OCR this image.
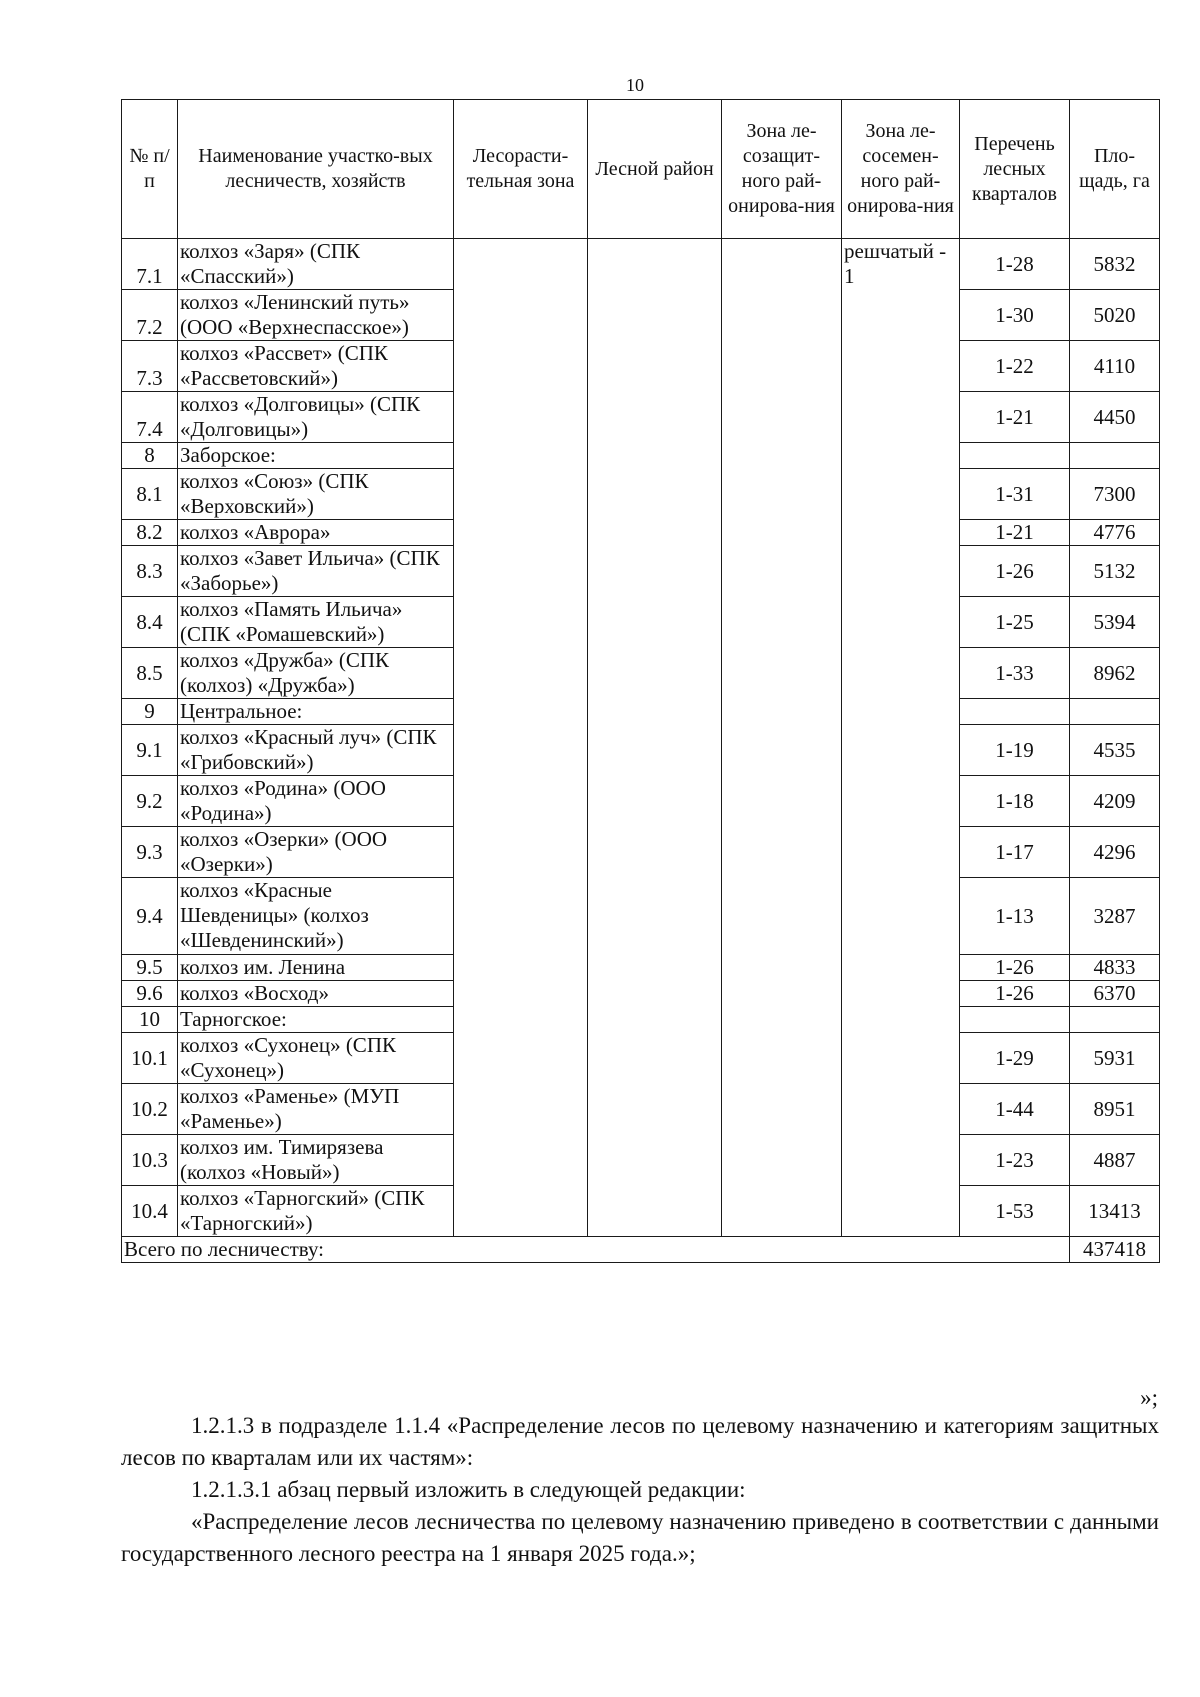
10
№ п/п	Наименование участко-вых лесничеств, хозяйств	Лесорасти-тельная зона	Лесной район	Зона ле-созащит-ного рай-онирова-ния	Зона ле-сосемен-ного рай-онирова-ния	Перечень лесных кварталов	Пло-щадь, га
7.1	колхоз «Заря» (СПК «Спасский»)				решчатый - 1	1-28	5832
7.2	колхоз «Ленинский путь» (ООО «Верхнеспасское»)					1-30	5020
7.3	колхоз «Рассвет» (СПК «Рассветовский»)					1-22	4110
7.4	колхоз «Долговицы» (СПК «Долговицы»)					1-21	4450
8	Заборское:						
8.1	колхоз «Союз» (СПК «Верховский»)					1-31	7300
8.2	колхоз «Аврора»					1-21	4776
8.3	колхоз «Завет Ильича» (СПК «Заборье»)					1-26	5132
8.4	колхоз «Память Ильича» (СПК «Ромашевский»)					1-25	5394
8.5	колхоз «Дружба» (СПК (колхоз) «Дружба»)					1-33	8962
9	Центральное:						
9.1	колхоз «Красный луч» (СПК «Грибовский»)					1-19	4535
9.2	колхоз «Родина» (ООО «Родина»)					1-18	4209
9.3	колхоз «Озерки» (ООО «Озерки»)					1-17	4296
9.4	колхоз «Красные Шевденицы» (колхоз «Шевденинский»)					1-13	3287
9.5	колхоз им. Ленина					1-26	4833
9.6	колхоз «Восход»					1-26	6370
10	Тарногское:						
10.1	колхоз «Сухонец» (СПК «Сухонец»)					1-29	5931
10.2	колхоз «Раменье» (МУП «Раменье»)					1-44	8951
10.3	колхоз им. Тимирязева (колхоз «Новый»)					1-23	4887
10.4	колхоз «Тарногский» (СПК «Тарногский»)					1-53	13413
Всего по лесничеству:							437418
»;

1.2.1.3 в подразделе 1.1.4 «Распределение лесов по целевому назначению и категориям защитных лесов по кварталам или их частям»:

1.2.1.3.1 абзац первый изложить в следующей редакции:

«Распределение лесов лесничества по целевому назначению приведено в соответствии с данными государственного лесного реестра на 1 января 2025 года.»;
